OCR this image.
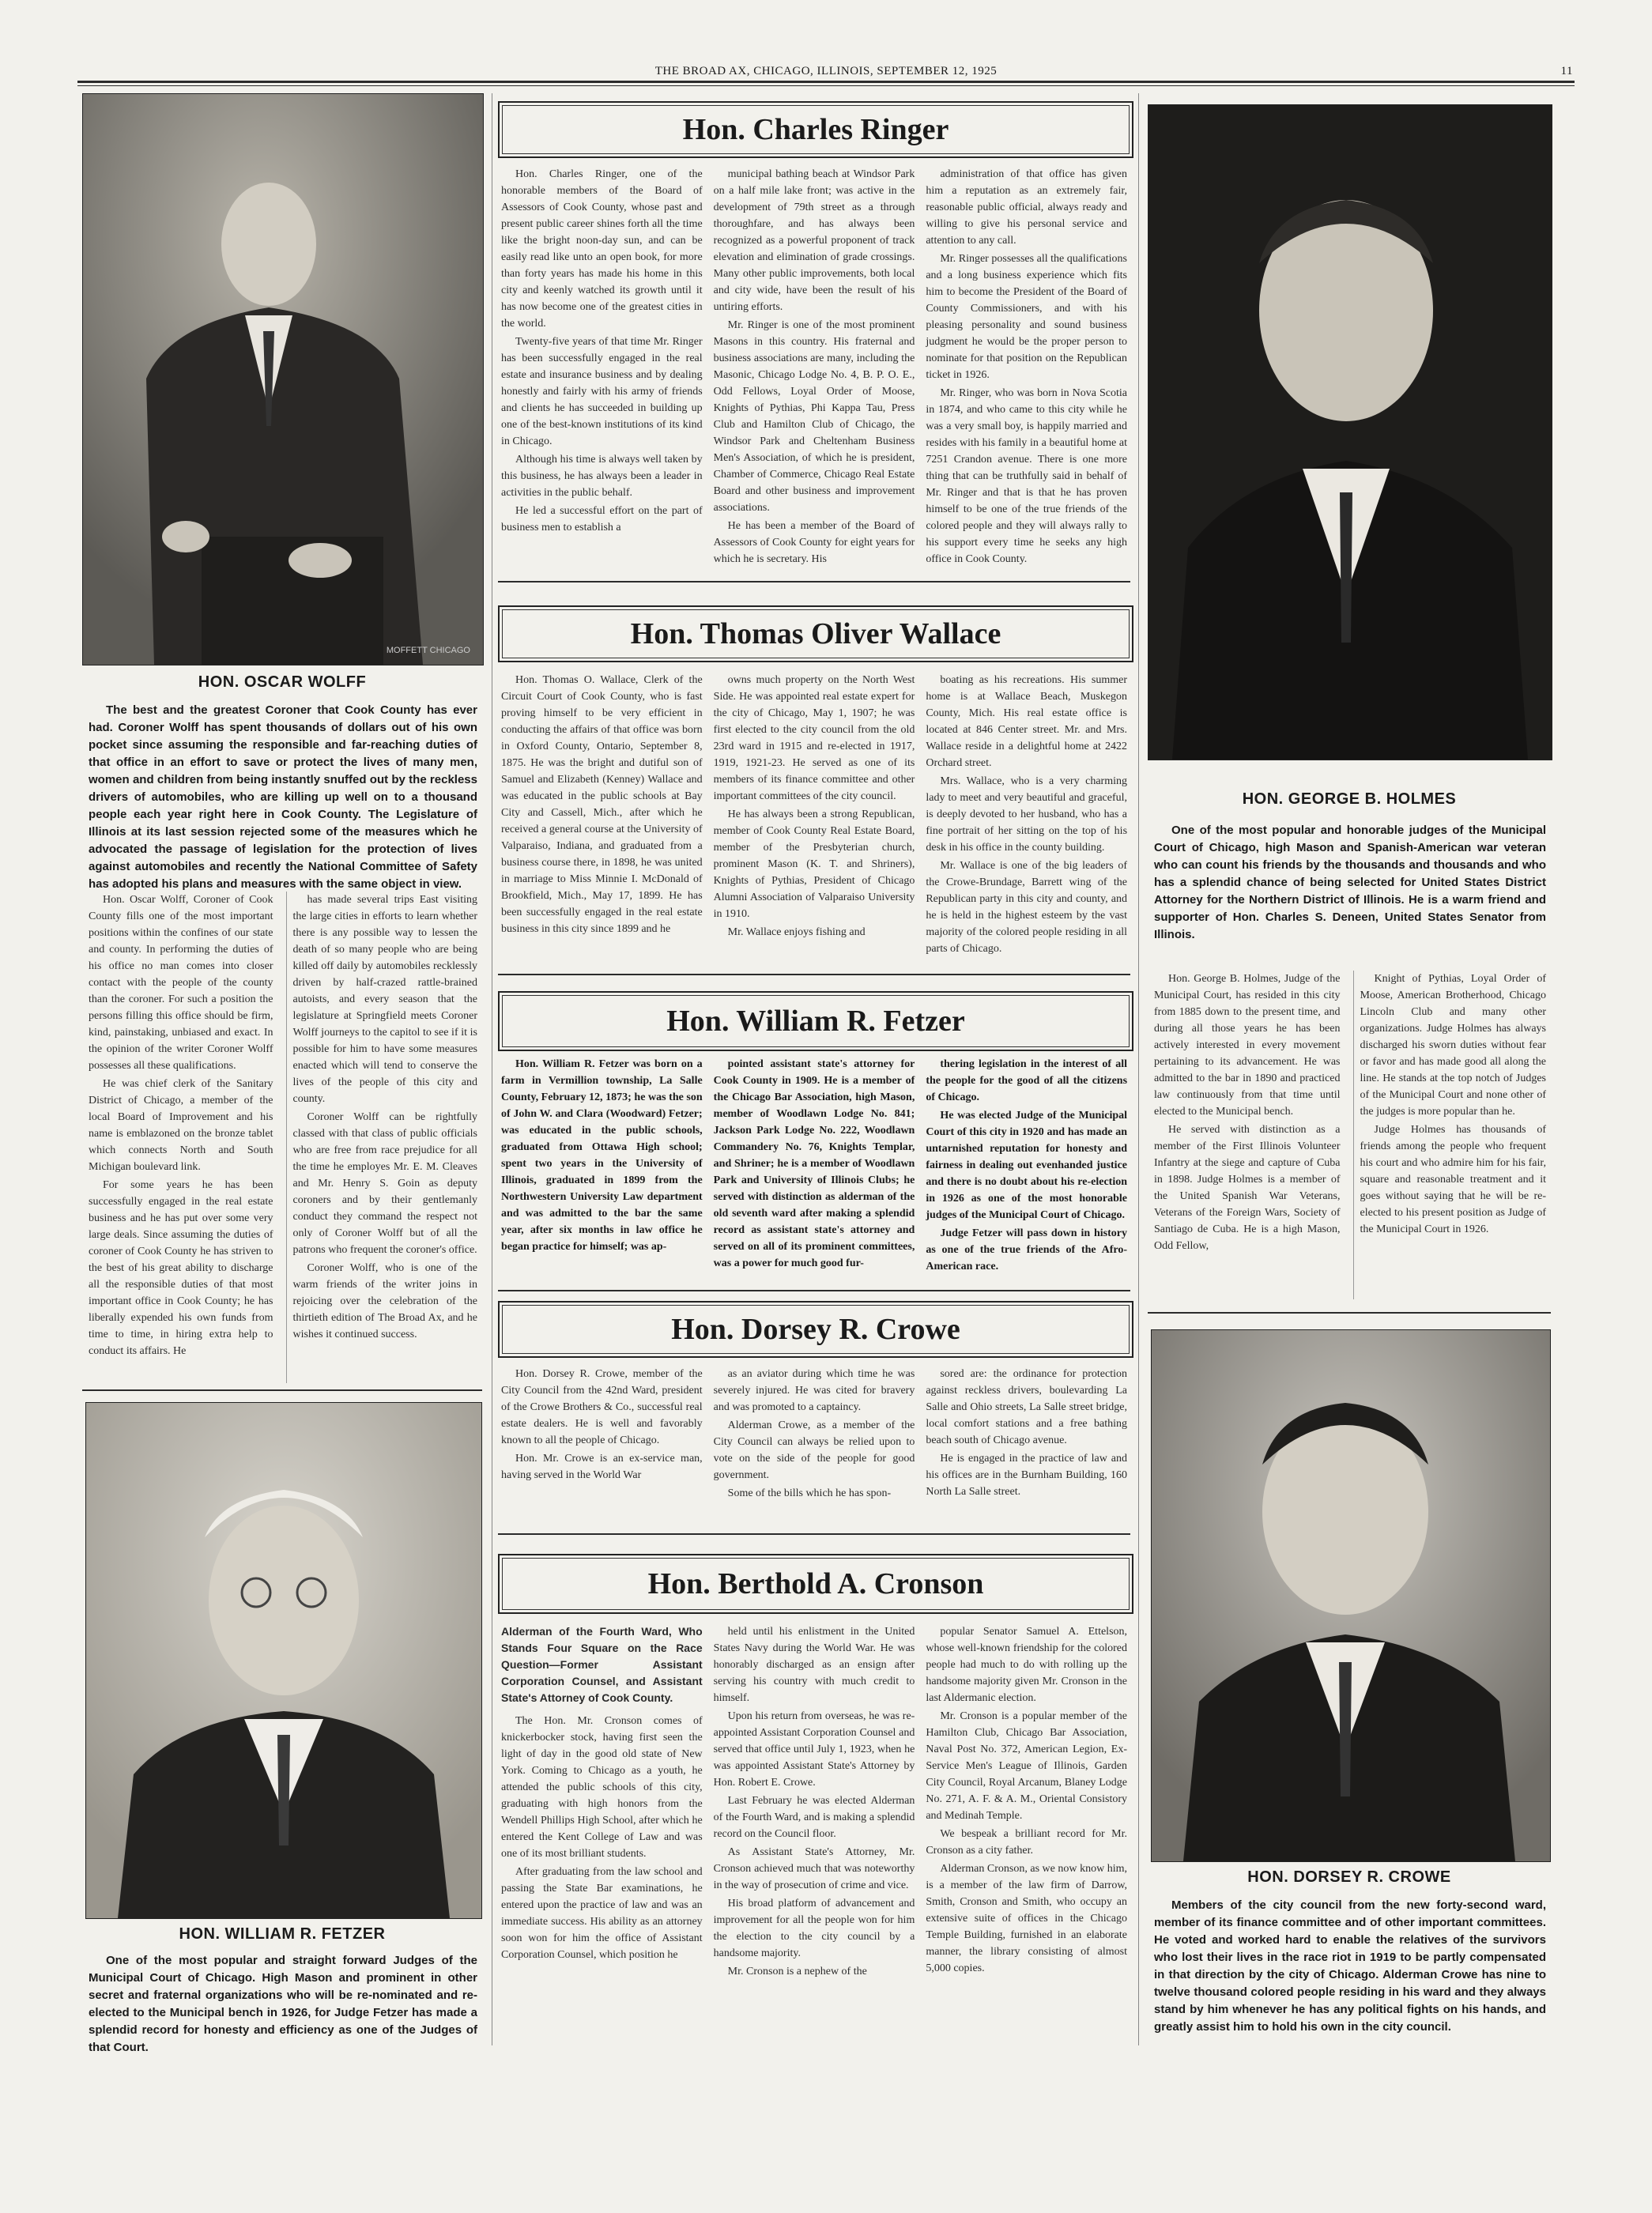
THE BROAD AX, CHICAGO, ILLINOIS, SEPTEMBER 12, 1925	11
MOFFETT CHICAGO
HON. OSCAR WOLFF

The best and the greatest Coroner that Cook County has ever had. Coroner Wolff has spent thousands of dollars out of his own pocket since assuming the responsible and far-reaching duties of that office in an effort to save or protect the lives of many men, women and children from being instantly snuffed out by the reckless drivers of automobiles, who are killing up well on to a thousand people each year right here in Cook County. The Legislature of Illinois at its last session rejected some of the measures which he advocated the passage of legislation for the protection of lives against automobiles and recently the National Committee of Safety has adopted his plans and measures with the same object in view.

Hon. Oscar Wolff, Coroner of Cook County fills one of the most important positions within the confines of our state and county. In performing the duties of his office no man comes into closer contact with the people of the county than the coroner. For such a position the persons filling this office should be firm, kind, painstaking, unbiased and exact. In the opinion of the writer Coroner Wolff possesses all these qualifications.

He was chief clerk of the Sanitary District of Chicago, a member of the local Board of Improvement and his name is emblazoned on the bronze tablet which connects North and South Michigan boulevard link.

For some years he has been successfully engaged in the real estate business and he has put over some very large deals. Since assuming the duties of coroner of Cook County he has striven to the best of his great ability to discharge all the responsible duties of that most important office in Cook County; he has liberally expended his own funds from time to time, in hiring extra help to conduct its affairs. He

has made several trips East visiting the large cities in efforts to learn whether there is any possible way to lessen the death of so many people who are being killed off daily by automobiles recklessly driven by half-crazed rattle-brained autoists, and every season that the legislature at Springfield meets Coroner Wolff journeys to the capitol to see if it is possible for him to have some measures enacted which will tend to conserve the lives of the people of this city and county.

Coroner Wolff can be rightfully classed with that class of public officials who are free from race prejudice for all the time he employes Mr. E. M. Cleaves and Mr. Henry S. Goin as deputy coroners and by their gentlemanly conduct they command the respect not only of Coroner Wolff but of all the patrons who frequent the coroner's office.

Coroner Wolff, who is one of the warm friends of the writer joins in rejoicing over the celebration of the thirtieth edition of The Broad Ax, and he wishes it continued success.

HON. WILLIAM R. FETZER

One of the most popular and straight forward Judges of the Municipal Court of Chicago. High Mason and prominent in other secret and fraternal organizations who will be re-nominated and re-elected to the Municipal bench in 1926, for Judge Fetzer has made a splendid record for honesty and efficiency as one of the Judges of that Court.

Hon. Charles Ringer

Hon. Charles Ringer, one of the honorable members of the Board of Assessors of Cook County, whose past and present public career shines forth all the time like the bright noon-day sun, and can be easily read like unto an open book, for more than forty years has made his home in this city and keenly watched its growth until it has now become one of the greatest cities in the world.

Twenty-five years of that time Mr. Ringer has been successfully engaged in the real estate and insurance business and by dealing honestly and fairly with his army of friends and clients he has succeeded in building up one of the best-known institutions of its kind in Chicago.

Although his time is always well taken by this business, he has always been a leader in activities in the public behalf.

He led a successful effort on the part of business men to establish a

municipal bathing beach at Windsor Park on a half mile lake front; was active in the development of 79th street as a through thoroughfare, and has always been recognized as a powerful proponent of track elevation and elimination of grade crossings. Many other public improvements, both local and city wide, have been the result of his untiring efforts.

Mr. Ringer is one of the most prominent Masons in this country. His fraternal and business associations are many, including the Masonic, Chicago Lodge No. 4, B. P. O. E., Odd Fellows, Loyal Order of Moose, Knights of Pythias, Phi Kappa Tau, Press Club and Hamilton Club of Chicago, the Windsor Park and Cheltenham Business Men's Association, of which he is president, Chamber of Commerce, Chicago Real Estate Board and other business and improvement associations.

He has been a member of the Board of Assessors of Cook County for eight years for which he is secretary. His

administration of that office has given him a reputation as an extremely fair, reasonable public official, always ready and willing to give his personal service and attention to any call.

Mr. Ringer possesses all the qualifications and a long business experience which fits him to become the President of the Board of County Commissioners, and with his pleasing personality and sound business judgment he would be the proper person to nominate for that position on the Republican ticket in 1926.

Mr. Ringer, who was born in Nova Scotia in 1874, and who came to this city while he was a very small boy, is happily married and resides with his family in a beautiful home at 7251 Crandon avenue. There is one more thing that can be truthfully said in behalf of Mr. Ringer and that is that he has proven himself to be one of the true friends of the colored people and they will always rally to his support every time he seeks any high office in Cook County.

Hon. Thomas Oliver Wallace

Hon. Thomas O. Wallace, Clerk of the Circuit Court of Cook County, who is fast proving himself to be very efficient in conducting the affairs of that office was born in Oxford County, Ontario, September 8, 1875. He was the bright and dutiful son of Samuel and Elizabeth (Kenney) Wallace and was educated in the public schools at Bay City and Cassell, Mich., after which he received a general course at the University of Valparaiso, Indiana, and graduated from a business course there, in 1898, he was united in marriage to Miss Minnie I. McDonald of Brookfield, Mich., May 17, 1899. He has been successfully engaged in the real estate business in this city since 1899 and he

owns much property on the North West Side. He was appointed real estate expert for the city of Chicago, May 1, 1907; he was first elected to the city council from the old 23rd ward in 1915 and re-elected in 1917, 1919, 1921-23. He served as one of its members of its finance committee and other important committees of the city council.

He has always been a strong Republican, member of Cook County Real Estate Board, member of the Presbyterian church, prominent Mason (K. T. and Shriners), Knights of Pythias, President of Chicago Alumni Association of Valparaiso University in 1910.

Mr. Wallace enjoys fishing and

boating as his recreations. His summer home is at Wallace Beach, Muskegon County, Mich. His real estate office is located at 846 Center street. Mr. and Mrs. Wallace reside in a delightful home at 2422 Orchard street.

Mrs. Wallace, who is a very charming lady to meet and very beautiful and graceful, is deeply devoted to her husband, who has a fine portrait of her sitting on the top of his desk in his office in the county building.

Mr. Wallace is one of the big leaders of the Crowe-Brundage, Barrett wing of the Republican party in this city and county, and he is held in the highest esteem by the vast majority of the colored people residing in all parts of Chicago.

Hon. William R. Fetzer

Hon. William R. Fetzer was born on a farm in Vermillion township, La Salle County, February 12, 1873; he was the son of John W. and Clara (Woodward) Fetzer; was educated in the public schools, graduated from Ottawa High school; spent two years in the University of Illinois, graduated in 1899 from the Northwestern University Law department and was admitted to the bar the same year, after six months in law office he began practice for himself; was ap-

pointed assistant state's attorney for Cook County in 1909. He is a member of the Chicago Bar Association, high Mason, member of Woodlawn Lodge No. 841; Jackson Park Lodge No. 222, Woodlawn Commandery No. 76, Knights Templar, and Shriner; he is a member of Woodlawn Park and University of Illinois Clubs; he served with distinction as alderman of the old seventh ward after making a splendid record as assistant state's attorney and served on all of its prominent committees, was a power for much good fur-

thering legislation in the interest of all the people for the good of all the citizens of Chicago.

He was elected Judge of the Municipal Court of this city in 1920 and has made an untarnished reputation for honesty and fairness in dealing out evenhanded justice and there is no doubt about his re-election in 1926 as one of the most honorable judges of the Municipal Court of Chicago.

Judge Fetzer will pass down in history as one of the true friends of the Afro-American race.

Hon. Dorsey R. Crowe

Hon. Dorsey R. Crowe, member of the City Council from the 42nd Ward, president of the Crowe Brothers & Co., successful real estate dealers. He is well and favorably known to all the people of Chicago.

Hon. Mr. Crowe is an ex-service man, having served in the World War

as an aviator during which time he was severely injured. He was cited for bravery and was promoted to a captaincy.

Alderman Crowe, as a member of the City Council can always be relied upon to vote on the side of the people for good government.

Some of the bills which he has spon-

sored are: the ordinance for protection against reckless drivers, boulevarding La Salle and Ohio streets, La Salle street bridge, local comfort stations and a free bathing beach south of Chicago avenue.

He is engaged in the practice of law and his offices are in the Burnham Building, 160 North La Salle street.

Hon. Berthold A. Cronson

Alderman of the Fourth Ward, Who Stands Four Square on the Race Question—Former Assistant Corporation Counsel, and Assistant State's Attorney of Cook County.

The Hon. Mr. Cronson comes of knickerbocker stock, having first seen the light of day in the good old state of New York. Coming to Chicago as a youth, he attended the public schools of this city, graduating with high honors from the Wendell Phillips High School, after which he entered the Kent College of Law and was one of its most brilliant students.

After graduating from the law school and passing the State Bar examinations, he entered upon the practice of law and was an immediate success. His ability as an attorney soon won for him the office of Assistant Corporation Counsel, which position he

held until his enlistment in the United States Navy during the World War. He was honorably discharged as an ensign after serving his country with much credit to himself.

Upon his return from overseas, he was re-appointed Assistant Corporation Counsel and served that office until July 1, 1923, when he was appointed Assistant State's Attorney by Hon. Robert E. Crowe.

Last February he was elected Alderman of the Fourth Ward, and is making a splendid record on the Council floor.

As Assistant State's Attorney, Mr. Cronson achieved much that was noteworthy in the way of prosecution of crime and vice.

His broad platform of advancement and improvement for all the people won for him the election to the city council by a handsome majority.

Mr. Cronson is a nephew of the

popular Senator Samuel A. Ettelson, whose well-known friendship for the colored people had much to do with rolling up the handsome majority given Mr. Cronson in the last Aldermanic election.

Mr. Cronson is a popular member of the Hamilton Club, Chicago Bar Association, Naval Post No. 372, American Legion, Ex-Service Men's League of Illinois, Garden City Council, Royal Arcanum, Blaney Lodge No. 271, A. F. & A. M., Oriental Consistory and Medinah Temple.

We bespeak a brilliant record for Mr. Cronson as a city father.

Alderman Cronson, as we now know him, is a member of the law firm of Darrow, Smith, Cronson and Smith, who occupy an extensive suite of offices in the Chicago Temple Building, furnished in an elaborate manner, the library consisting of almost 5,000 copies.

HON. GEORGE B. HOLMES

One of the most popular and honorable judges of the Municipal Court of Chicago, high Mason and Spanish-American war veteran who can count his friends by the thousands and thousands and who has a splendid chance of being selected for United States District Attorney for the Northern District of Illinois. He is a warm friend and supporter of Hon. Charles S. Deneen, United States Senator from Illinois.

Hon. George B. Holmes, Judge of the Municipal Court, has resided in this city from 1885 down to the present time, and during all those years he has been actively interested in every movement pertaining to its advancement. He was admitted to the bar in 1890 and practiced law continuously from that time until elected to the Municipal bench.

He served with distinction as a member of the First Illinois Volunteer Infantry at the siege and capture of Cuba in 1898. Judge Holmes is a member of the United Spanish War Veterans, Veterans of the Foreign Wars, Society of Santiago de Cuba. He is a high Mason, Odd Fellow,

Knight of Pythias, Loyal Order of Moose, American Brotherhood, Chicago Lincoln Club and many other organizations. Judge Holmes has always discharged his sworn duties without fear or favor and has made good all along the line. He stands at the top notch of Judges of the Municipal Court and none other of the judges is more popular than he.

Judge Holmes has thousands of friends among the people who frequent his court and who admire him for his fair, square and reasonable treatment and it goes without saying that he will be re-elected to his present position as Judge of the Municipal Court in 1926.

HON. DORSEY R. CROWE

Members of the city council from the new forty-second ward, member of its finance committee and of other important committees. He voted and worked hard to enable the relatives of the survivors who lost their lives in the race riot in 1919 to be partly compensated in that direction by the city of Chicago. Alderman Crowe has nine to twelve thousand colored people residing in his ward and they always stand by him whenever he has any political fights on his hands, and greatly assist him to hold his own in the city council.
